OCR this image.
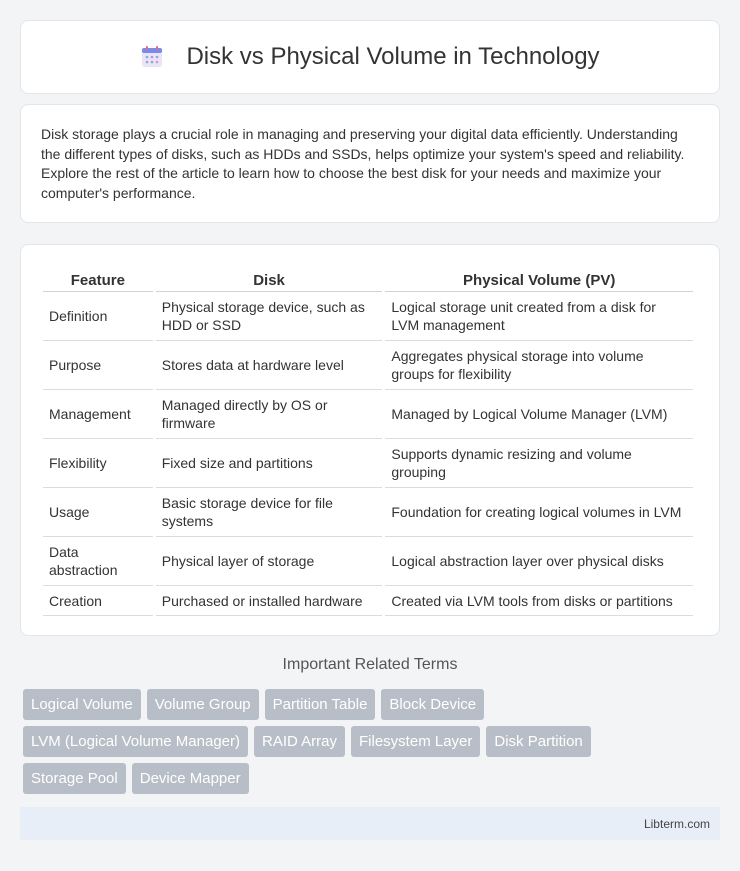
Disk vs Physical Volume in Technology

Disk storage plays a crucial role in managing and preserving your digital data efficiently. Understanding the different types of disks, such as HDDs and SSDs, helps optimize your system's speed and reliability. Explore the rest of the article to learn how to choose the best disk for your needs and maximize your computer's performance.

Feature	Disk	Physical Volume (PV)
Definition	Physical storage device, such as HDD or SSD	Logical storage unit created from a disk for LVM management
Purpose	Stores data at hardware level	Aggregates physical storage into volume groups for flexibility
Management	Managed directly by OS or firmware	Managed by Logical Volume Manager (LVM)
Flexibility	Fixed size and partitions	Supports dynamic resizing and volume grouping
Usage	Basic storage device for file systems	Foundation for creating logical volumes in LVM
Data abstraction	Physical layer of storage	Logical abstraction layer over physical disks
Creation	Purchased or installed hardware	Created via LVM tools from disks or partitions
Important Related Terms
Logical Volume	Volume Group	Partition Table	Block Device
LVM (Logical Volume Manager)	RAID Array	Filesystem Layer	Disk Partition
Storage Pool	Device Mapper
Libterm.com
